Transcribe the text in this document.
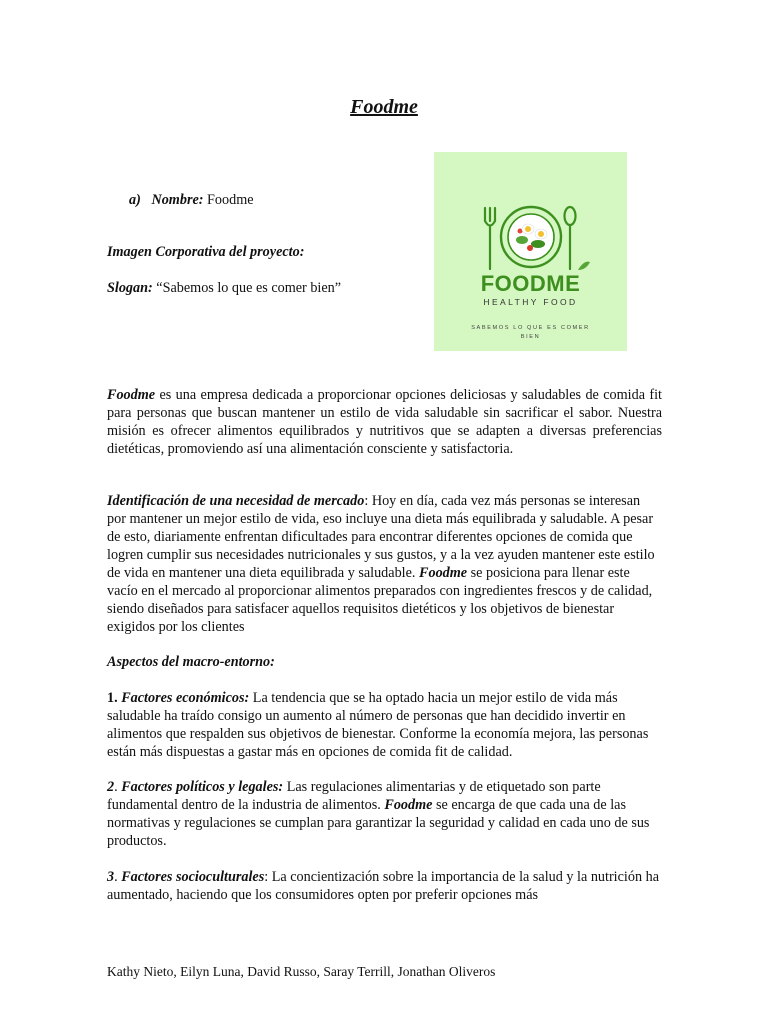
Foodme
a) Nombre: Foodme
Imagen Corporativa del proyecto:
Slogan: “Sabemos lo que es comer bien”	FOODME
HEALTHY FOOD
SABEMOS LO QUE ES COMER BIEN

Foodme es una empresa dedicada a proporcionar opciones deliciosas y saludables de comida fit para personas que buscan mantener un estilo de vida saludable sin sacrificar el sabor. Nuestra misión es ofrecer alimentos equilibrados y nutritivos que se adapten a diversas preferencias dietéticas, promoviendo así una alimentación consciente y satisfactoria.

Identificación de una necesidad de mercado: Hoy en día, cada vez más personas se interesan por mantener un mejor estilo de vida, eso incluye una dieta más equilibrada y saludable. A pesar de esto, diariamente enfrentan dificultades para encontrar diferentes opciones de comida que logren cumplir sus necesidades nutricionales y sus gustos, y a la vez ayuden mantener este estilo de vida en mantener una dieta equilibrada y saludable. Foodme se posiciona para llenar este vacío en el mercado al proporcionar alimentos preparados con ingredientes frescos y de calidad, siendo diseñados para satisfacer aquellos requisitos dietéticos y los objetivos de bienestar exigidos por los clientes

Aspectos del macro-entorno:

1. Factores económicos: La tendencia que se ha optado hacia un mejor estilo de vida más saludable ha traído consigo un aumento al número de personas que han decidido invertir en alimentos que respalden sus objetivos de bienestar. Conforme la economía mejora, las personas están más dispuestas a gastar más en opciones de comida fit de calidad.

2. Factores políticos y legales: Las regulaciones alimentarias y de etiquetado son parte fundamental dentro de la industria de alimentos. Foodme se encarga de que cada una de las normativas y regulaciones se cumplan para garantizar la seguridad y calidad en cada uno de sus productos.

3. Factores socioculturales: La concientización sobre la importancia de la salud y la nutrición ha aumentado, haciendo que los consumidores opten por preferir opciones más

Kathy Nieto, Eilyn Luna, David Russo, Saray Terrill, Jonathan Oliveros
